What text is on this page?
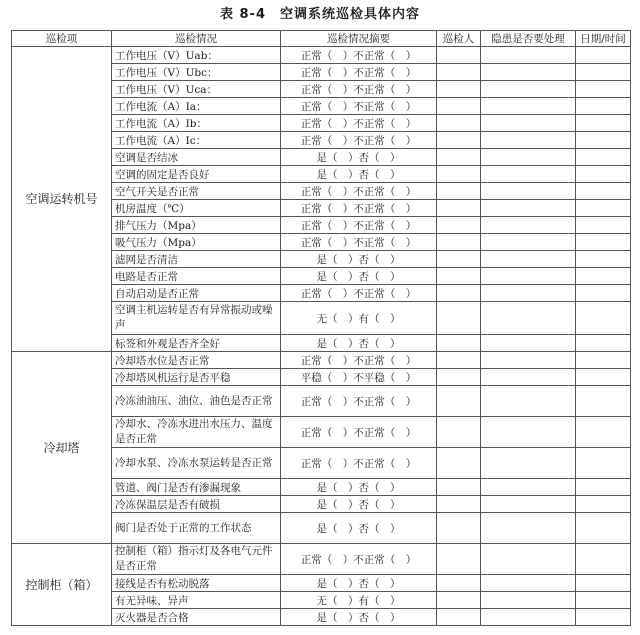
表 8-4　空调系统巡检具体内容
巡检项	巡检情况	巡检情况摘要	巡检人	隐患是否要处理	日期/时间
空调运转机号	工作电压（V）Uab：	正常（　）不正常（　）			
	工作电压（V）Ubc：	正常（　）不正常（　）			
	工作电压（V）Uca：	正常（　）不正常（　）			
	工作电流（A）Ia：	正常（　）不正常（　）			
	工作电流（A）Ib：	正常（　）不正常（　）			
	工作电流（A）Ic：	正常（　）不正常（　）			
	空调是否结冰	是（　）否（　）			
	空调的固定是否良好	是（　）否（　）			
	空气开关是否正常	正常（　）不正常（　）			
	机房温度（℃）	正常（　）不正常（　）			
	排气压力（Mpa）	正常（　）不正常（　）			
	吸气压力（Mpa）	正常（　）不正常（　）			
	滤网是否清洁	是（　）否（　）			
	电路是否正常	是（　）否（　）			
	自动启动是否正常	正常（　）不正常（　）			
	空调主机运转是否有异常振动或噪声	无（　）有（　）			
	标签和外观是否齐全好	是（　）否（　）			
冷却塔	冷却塔水位是否正常	正常（　）不正常（　）			
	冷却塔风机运行是否平稳	平稳（　）不平稳（　）			
	冷冻油油压、油位、油色是否正常	正常（　）不正常（　）			
	冷却水、冷冻水进出水压力、温度是否正常	正常（　）不正常（　）			
	冷却水泵、冷冻水泵运转是否正常	正常（　）不正常（　）			
	管道、阀门是否有渗漏现象	是（　）否（　）			
	冷冻保温层是否有破损	是（　）否（　）			
	阀门是否处于正常的工作状态	是（　）否（　）			
控制柜（箱）	控制柜（箱）指示灯及各电气元件是否正常	正常（　）不正常（　）			
	接线是否有松动脱落	是（　）否（　）			
	有无异味、异声	无（　）有（　）			
	灭火器是否合格	是（　）否（　）			
